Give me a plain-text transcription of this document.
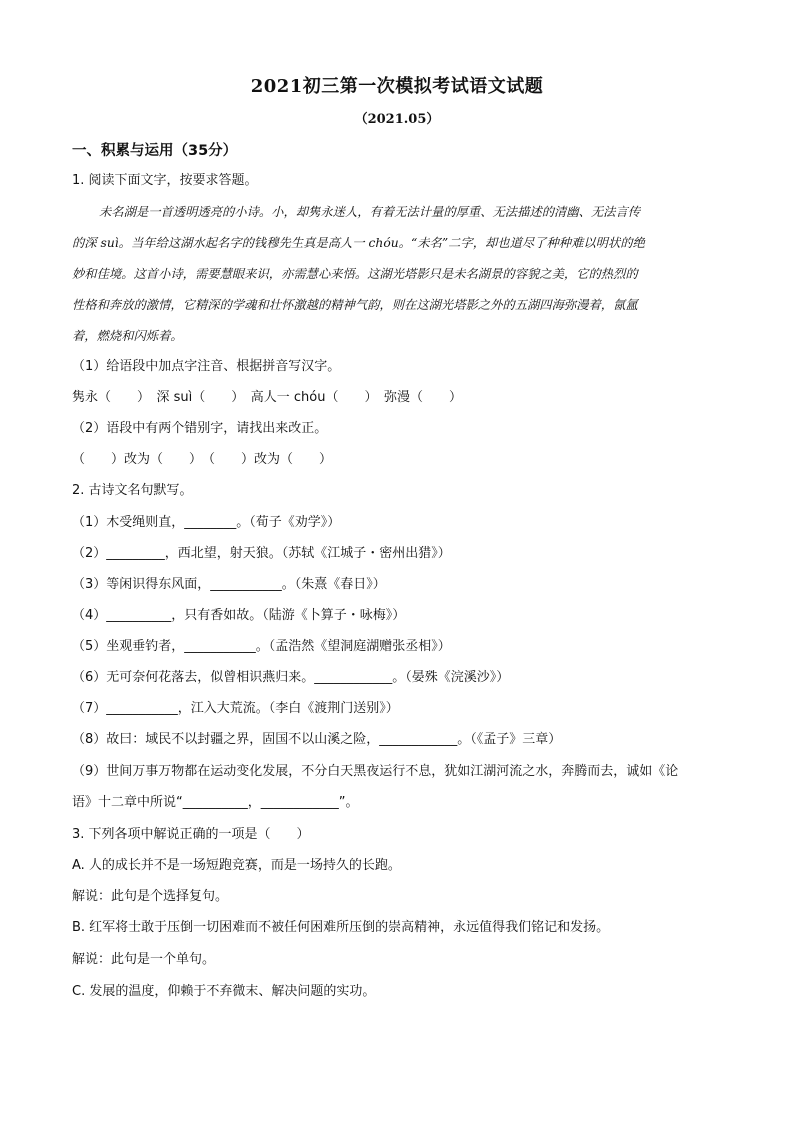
2021初三第一次模拟考试语文试题
（2021.05）
一、积累与运用（35分）
1. 阅读下面文字，按要求答题。
未名湖是一首透明透亮的小诗。小，却隽永迷人，有着无法计量的厚重、无法描述的清幽、无法言传
的深 suì。当年给这湖水起名字的钱穆先生真是高人一 chóu。“未名”二字，却也道尽了种种难以明状的绝
妙和佳境。这首小诗，需要慧眼来识，亦需慧心来悟。这湖光塔影只是未名湖景的容貌之美，它的热烈的
性格和奔放的激情，它精深的学魂和壮怀激越的精神气韵，则在这湖光塔影之外的五湖四海弥漫着，氤氲
着，燃烧和闪烁着。
（1）给语段中加点字注音、根据拼音写汉字。
隽永（　　）　深 suì（　　）　高人一 chóu（　　）　弥漫（　　）
（2）语段中有两个错别字，请找出来改正。
（　　）改为（　　）　（　　）改为（　　）
2. 古诗文名句默写。
（1）木受绳则直，________。（荀子《劝学》）
（2）_________，西北望，射天狼。（苏轼《江城子・密州出猎》）
（3）等闲识得东风面，___________。（朱熹《春日》）
（4）__________，只有香如故。（陆游《卜算子・咏梅》）
（5）坐观垂钓者，___________。（孟浩然《望洞庭湖赠张丞相》）
（6）无可奈何花落去，似曾相识燕归来。____________。（晏殊《浣溪沙》）
（7）___________，江入大荒流。（李白《渡荆门送别》）
（8）故曰：域民不以封疆之界，固国不以山溪之险，____________。（《孟子》三章）
（9）世间万事万物都在运动变化发展，不分白天黑夜运行不息，犹如江湖河流之水，奔腾而去，诚如《论
语》十二章中所说“__________，____________”。
3. 下列各项中解说正确的一项是（　　）
A. 人的成长并不是一场短跑竞赛，而是一场持久的长跑。
解说：此句是个选择复句。
B. 红军将士敢于压倒一切困难而不被任何困难所压倒的崇高精神，永远值得我们铭记和发扬。
解说：此句是一个单句。
C. 发展的温度，仰赖于不弃微末、解决问题的实功。
